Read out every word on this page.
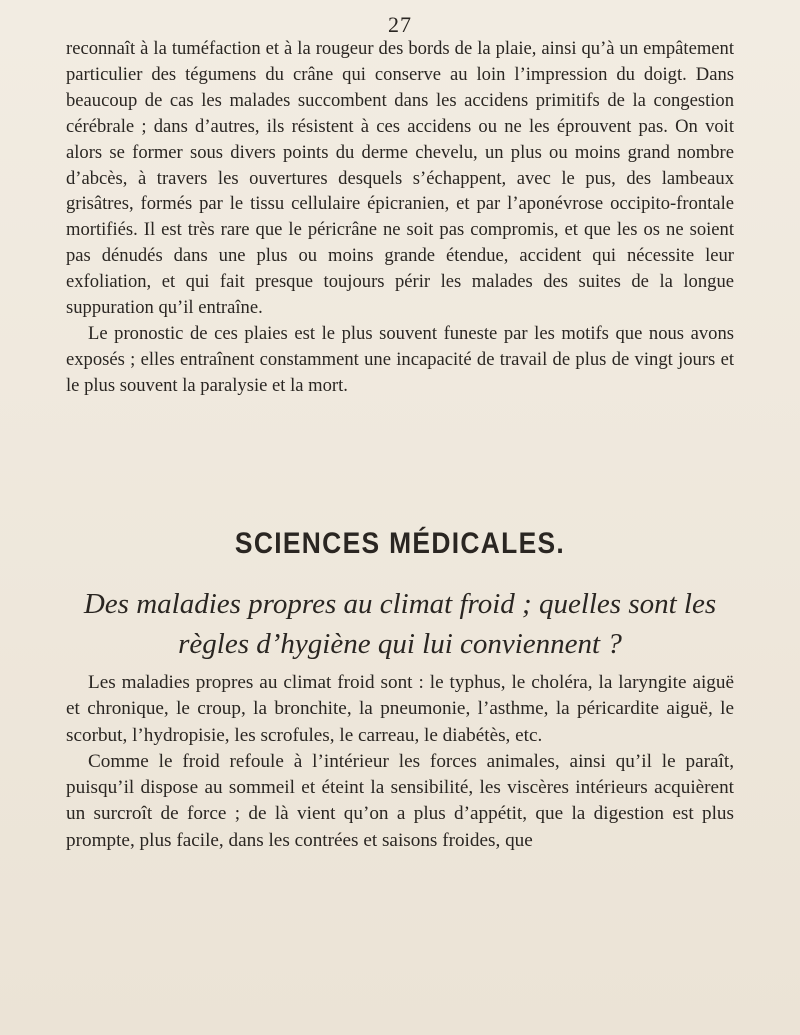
27

reconnaît à la tuméfaction et à la rougeur des bords de la plaie, ainsi qu’à un empâtement particulier des tégumens du crâne qui conserve au loin l’impression du doigt. Dans beaucoup de cas les malades succombent dans les accidens primitifs de la congestion cérébrale ; dans d’autres, ils résistent à ces accidens ou ne les éprouvent pas. On voit alors se former sous divers points du derme chevelu, un plus ou moins grand nombre d’abcès, à travers les ouvertures desquels s’échappent, avec le pus, des lambeaux grisâtres, formés par le tissu cellulaire épicranien, et par l’aponévrose occipito-frontale mortifiés. Il est très rare que le péricrâne ne soit pas compromis, et que les os ne soient pas dénudés dans une plus ou moins grande étendue, accident qui nécessite leur exfoliation, et qui fait presque toujours périr les malades des suites de la longue suppuration qu’il entraîne.

Le pronostic de ces plaies est le plus souvent funeste par les motifs que nous avons exposés ; elles entraînent constamment une incapacité de travail de plus de vingt jours et le plus souvent la paralysie et la mort.

SCIENCES MÉDICALES.
Des maladies propres au climat froid ; quelles sont les règles d’hygiène qui lui conviennent ?

Les maladies propres au climat froid sont : le typhus, le choléra, la laryngite aiguë et chronique, le croup, la bronchite, la pneumonie, l’asthme, la péricardite aiguë, le scorbut, l’hydropisie, les scrofules, le carreau, le diabétès, etc.

Comme le froid refoule à l’intérieur les forces animales, ainsi qu’il le paraît, puisqu’il dispose au sommeil et éteint la sensibilité, les viscères intérieurs acquièrent un surcroît de force ; de là vient qu’on a plus d’appétit, que la digestion est plus prompte, plus facile, dans les contrées et saisons froides, que
